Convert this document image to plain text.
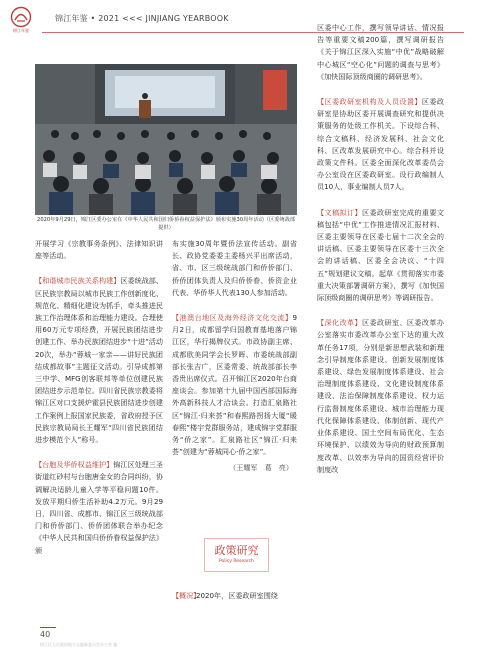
锦江年鉴
锦江年鉴 • 2021 <<< JINJIANG YEARBOOK
2020年9月29日，锦江区委办公室在《中华人民共和国归侨侨眷权益保护法》颁布实施30周年活动（区委统战部提供）

开展学习《宗教事务条例》、法律知识讲座等活动。

【和谐城市民族关系构建】区委统战部、区民族宗教局以城市民族工作创新度化、规范化、精细化建设为抓手，牵头推进民族工作治理体系和治理能力建设。合理使用60万元专项经费，开展民族团结进步创建工作、举办民族团结进步“十进”活动20次，举办“蓉城一家亲——讲好民族团结成都故事”主题征文活动。引导成都第三中学、MFG创客联邦等单位创建民族团结进步示范单位。四川省民族宗教委将锦江区对口支援炉霍县民族团结进步创建工作案例上报国家民族委，省政府授予区民族宗教局局长王耀军“四川省民族团结进步模范个人”称号。

【台胞及华侨权益维护】锦江区处理三圣街道红砂村与台胞唐金女的合同纠纷，协调解决适龄儿童入学等平稳问题10件。发放平期归侨生活补助4.2万元。9月29日，四川省、成都市、锦江区三级统战部门和侨侨部门、侨侨团体联合举办纪念《中华人民共和国归侨侨眷权益保护法》颁

布实施30周年暨侨法宣传活动。副省长、政协党委委主委杨兴平出席活动，省、市、区三级统战部门和侨侨部门、侨侨团体负责人及归侨侨眷、侨资企业代表、华侨华人代表130人参加活动。

【港澳台地区及海外经济文化交流】9月2日，成都留学归国教育基地落户锦江区，华行揭牌仪式。市政协副主席、成都欧美同学会长罗晖、市委统战部副部长张吉广，区委常委、统战部部长李香贵出席仪式。召开锦江区2020年台商座谈会。参加第十九届中国西部国际海外高新科技人才洽谈会。打造汇泉路社区“锦江·归来荟”和春熙路拐扬大厦“暖春熙”楼宇党群服务站，建成锦宇党群服务“侨之家”。汇泉路社区“锦江·归来荟”创建为“蓉城同心·侨之家”。

（王耀军　葛　亮）

区委中心工作，撰写领导讲话、情况报告等重要文稿200篇，撰写调研报告《关于锦江区深入实施“中优”战略破解中心城区“空心化”问题的调查与思考》《加快国际顶级商圈的调研思考》。

【区委政研室机构及人员设置】区委政研室是协助区委开展调查研究和提供决策服务的处级工作机关。下设综合科、综合文稿科、经济发展科、社会文化科、区改革发展研究中心。综合科并设政策文件科。区委全面深化改革委员会办公室设在区委政研室。设行政编制人员10人，事业编制人员7人。

【文稿拟订】区委政研室完成的重要文稿包括“中优”工作推进情况汇报材料、区委主要领导在区委七届十二次全会的讲话稿、区委主要领导在区委十三次全会的讲话稿、区委全会决议、“十四五”规划建议文稿。起草《贯彻落实市委重大决策部署调研方案》，撰写《加快国际顶级商圈的调研思考》等调研报告。

【深化改革】区委政研室、区委改革办公室落实市委改革办公室下达的重大改革任务17项，分别是新思想武装和新理念引导制度体系建设、创新发展制度体系建设、绿色发展制度体系建设、社会治理制度体系建设、文化建设制度体系建设、法治保障制度体系建设、权力运行监督制度体系建设、城市治理能力现代化保障体系建设、体制创新、现代产业体系建设、国土空间布局优化、生态环境保护、以绩效为导向的财政预算制度改革、以效率为导向的国资经营评价制度改

政策研究
Policy Research
【概况】
2020年，区委政研室围绕
40
锦江区人民政府地方志编纂委员会办公室 编
